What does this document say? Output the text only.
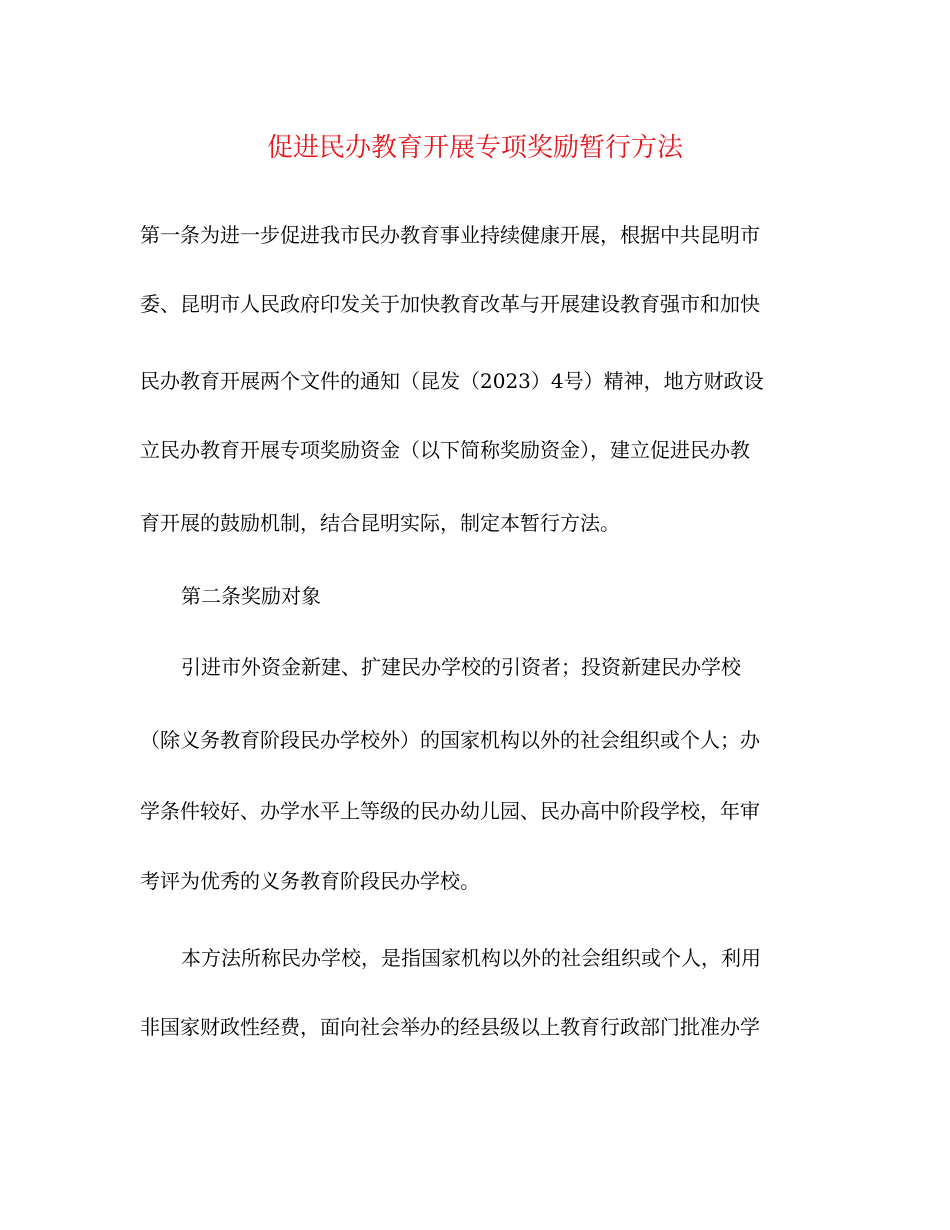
促进民办教育开展专项奖励暂行方法
第一条为进一步促进我市民办教育事业持续健康开展，根据中共昆明市
委、昆明市人民政府印发关于加快教育改革与开展建设教育强市和加快
民办教育开展两个文件的通知（昆发（2023）4号）精神，地方财政设
立民办教育开展专项奖励资金（以下简称奖励资金），建立促进民办教
育开展的鼓励机制，结合昆明实际，制定本暂行方法。
第二条奖励对象
引进市外资金新建、扩建民办学校的引资者；投资新建民办学校
（除义务教育阶段民办学校外）的国家机构以外的社会组织或个人；办
学条件较好、办学水平上等级的民办幼儿园、民办高中阶段学校，年审
考评为优秀的义务教育阶段民办学校。
本方法所称民办学校，是指国家机构以外的社会组织或个人，利用
非国家财政性经费，面向社会举办的经县级以上教育行政部门批准办学
